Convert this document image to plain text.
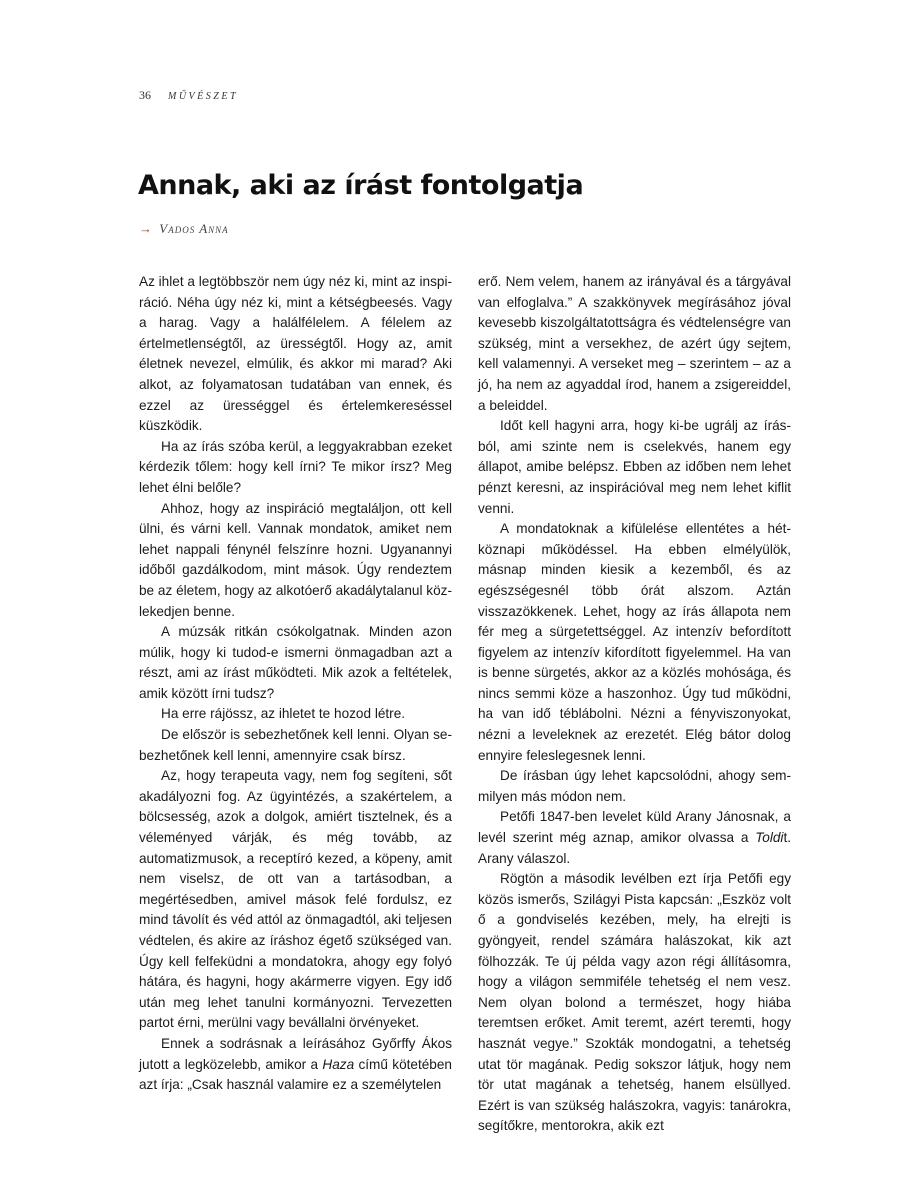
36 MŰVÉSZET
Annak, aki az írást fontolgatja
→ Vados Anna

Az ihlet a legtöbbször nem úgy néz ki, mint az inspiráció. Néha úgy néz ki, mint a kétségbeesés. Vagy a harag. Vagy a halálfélelem. A félelem az értelmetlenségtől, az ürességtől. Hogy az, amit életnek nevezel, elmúlik, és akkor mi marad? Aki alkot, az folyamatosan tudatában van ennek, és ezzel az ürességgel és értelemkereséssel küszködik.

Ha az írás szóba kerül, a leggyakrabban ezeket kérdezik tőlem: hogy kell írni? Te mikor írsz? Meg lehet élni belőle?

Ahhoz, hogy az inspiráció megtaláljon, ott kell ülni, és várni kell. Vannak mondatok, amiket nem lehet nappali fénynél felszínre hozni. Ugyanannyi időből gazdálkodom, mint mások. Úgy rendeztem be az életem, hogy az alkotóerő akadálytalanul közlekedjen benne.

A múzsák ritkán csókolgatnak. Minden azon múlik, hogy ki tudod-e ismerni önmagadban azt a részt, ami az írást működteti. Mik azok a feltételek, amik között írni tudsz?

Ha erre rájössz, az ihletet te hozod létre.

De először is sebezhetőnek kell lenni. Olyan sebezhetőnek kell lenni, amennyire csak bírsz.

Az, hogy terapeuta vagy, nem fog segíteni, sőt akadályozni fog. Az ügyintézés, a szakértelem, a bölcsesség, azok a dolgok, amiért tisztelnek, és a véleményed várják, és még tovább, az automatizmusok, a receptíró kezed, a köpeny, amit nem viselsz, de ott van a tartásodban, a megértésedben, amivel mások felé fordulsz, ez mind távolít és véd attól az önmagadtól, aki teljesen védtelen, és akire az íráshoz égető szükséged van. Úgy kell felfeküdni a mondatokra, ahogy egy folyó hátára, és hagyni, hogy akármerre vigyen. Egy idő után meg lehet tanulni kormányozni. Tervezetten partot érni, merülni vagy bevállalni örvényeket.

Ennek a sodrásnak a leírásához Győrffy Ákos jutott a legközelebb, amikor a Haza című kötetében azt írja: „Csak használ valamire ez a személytelen

erő. Nem velem, hanem az irányával és a tárgyával van elfoglalva.” A szakkönyvek megírásához jóval kevesebb kiszolgáltatottságra és védtelenségre van szükség, mint a versekhez, de azért úgy sejtem, kell valamennyi. A verseket meg – szerintem – az a jó, ha nem az agyaddal írod, hanem a zsigereiddel, a beleiddel.

Időt kell hagyni arra, hogy ki-be ugrálj az írásból, ami szinte nem is cselekvés, hanem egy állapot, amibe belépsz. Ebben az időben nem lehet pénzt keresni, az inspirációval meg nem lehet kiflit venni.

A mondatoknak a kifülelése ellentétes a hétköznapi működéssel. Ha ebben elmélyülök, másnap minden kiesik a kezemből, és az egészségesnél több órát alszom. Aztán visszazökkenek. Lehet, hogy az írás állapota nem fér meg a sürgetettséggel. Az intenzív befordított figyelem az intenzív kifordított figyelemmel. Ha van is benne sürgetés, akkor az a közlés mohósága, és nincs semmi köze a haszonhoz. Úgy tud működni, ha van idő téblábolni. Nézni a fényviszonyokat, nézni a leveleknek az erezetét. Elég bátor dolog ennyire feleslegesnek lenni.

De írásban úgy lehet kapcsolódni, ahogy semmilyen más módon nem.

Petőfi 1847-ben levelet küld Arany Jánosnak, a levél szerint még aznap, amikor olvassa a Toldit. Arany válaszol.

Rögtön a második levélben ezt írja Petőfi egy közös ismerős, Szilágyi Pista kapcsán: „Eszköz volt ő a gondviselés kezében, mely, ha elrejti is gyöngyeit, rendel számára halászokat, kik azt fölhozzák. Te új példa vagy azon régi állításomra, hogy a világon semmiféle tehetség el nem vesz. Nem olyan bolond a természet, hogy hiába teremtsen erőket. Amit teremt, azért teremti, hogy hasznát vegye.” Szokták mondogatni, a tehetség utat tör magának. Pedig sokszor látjuk, hogy nem tör utat magának a tehetség, hanem elsüllyed. Ezért is van szükség halászokra, vagyis: tanárokra, segítőkre, mentorokra, akik ezt
